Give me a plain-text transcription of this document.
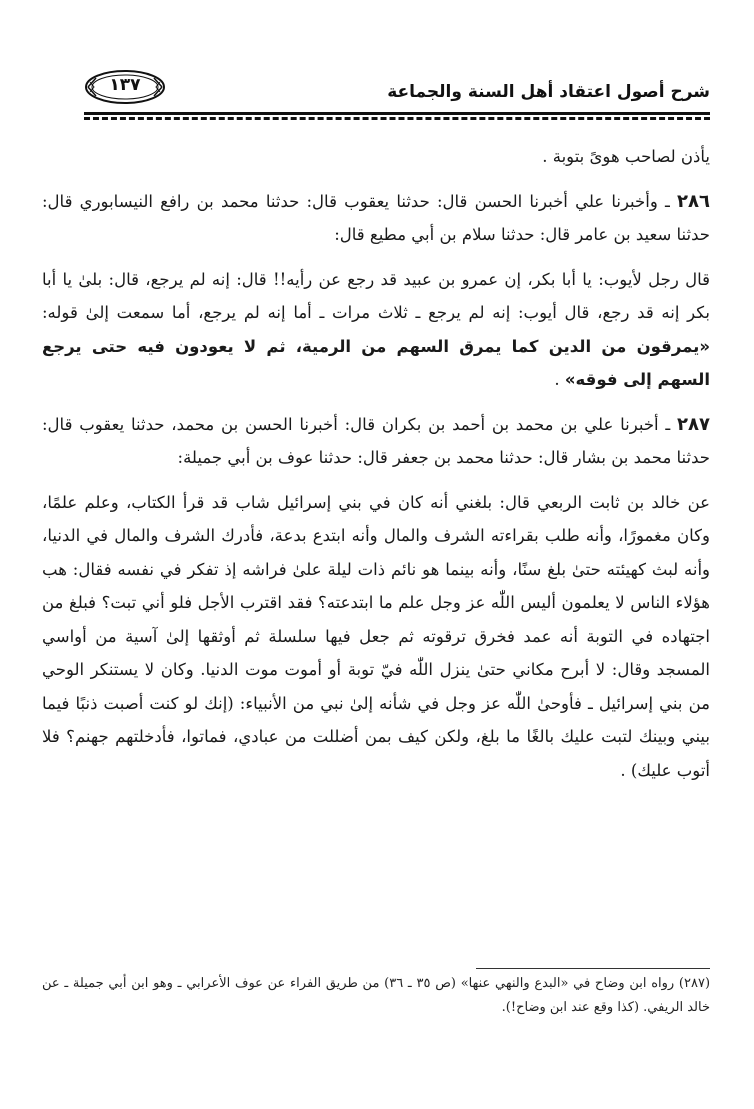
١٣٧	شرح أصول اعتقاد أهل السنة والجماعة

يأذن لصاحب هوىً بتوبة .

٢٨٦ ـ وأخبرنا علي أخبرنا الحسن قال: حدثنا يعقوب قال: حدثنا محمد بن رافع النيسابوري قال: حدثنا سعيد بن عامر قال: حدثنا سلام بن أبي مطيع قال:

قال رجل لأيوب: يا أبا بكر، إن عمرو بن عبيد قد رجع عن رأيه!! قال: إنه لم يرجع، قال: بلىٰ يا أبا بكر إنه قد رجع، قال أيوب: إنه لم يرجع ـ ثلاث مرات ـ أما إنه لم يرجع، أما سمعت إلىٰ قوله: «يمرقون من الدين كما يمرق السهم من الرمية، ثم لا يعودون فيه حتى يرجع السهم إلى فوقه» .

٢٨٧ ـ أخبرنا علي بن محمد بن أحمد بن بكران قال: أخبرنا الحسن بن محمد، حدثنا يعقوب قال: حدثنا محمد بن بشار قال: حدثنا محمد بن جعفر قال: حدثنا عوف بن أبي جميلة:

عن خالد بن ثابت الربعي قال: بلغني أنه كان في بني إسرائيل شاب قد قرأ الكتاب، وعلم علمًا، وكان مغمورًا، وأنه طلب بقراءته الشرف والمال وأنه ابتدع بدعة، فأدرك الشرف والمال في الدنيا، وأنه لبث كهيئته حتىٰ بلغ سنًا، وأنه بينما هو نائم ذات ليلة علىٰ فراشه إذ تفكر في نفسه فقال: هب هؤلاء الناس لا يعلمون أليس اللّٰه عز وجل علم ما ابتدعته؟ فقد اقترب الأجل فلو أني تبت؟ فبلغ من اجتهاده في التوبة أنه عمد فخرق ترقوته ثم جعل فيها سلسلة ثم أوثقها إلىٰ آسية من أواسي المسجد وقال: لا أبرح مكاني حتىٰ ينزل اللّٰه فيّ توبة أو أموت موت الدنيا. وكان لا يستنكر الوحي من بني إسرائيل ـ فأوحىٰ اللّٰه عز وجل في شأنه إلىٰ نبي من الأنبياء: (إنك لو كنت أصبت ذنبًا فيما بيني وبينك لتبت عليك بالغًا ما بلغ، ولكن كيف بمن أضللت من عبادي، فماتوا، فأدخلتهم جهنم؟ فلا أتوب عليك) .

(٢٨٧) رواه ابن وضاح في «البدع والنهي عنها» (ص ٣٥ ـ ٣٦) من طريق الفراء عن عوف الأعرابي ـ وهو ابن أبي جميلة ـ عن خالد الريفي. (كذا وقع عند ابن وضاح!).
